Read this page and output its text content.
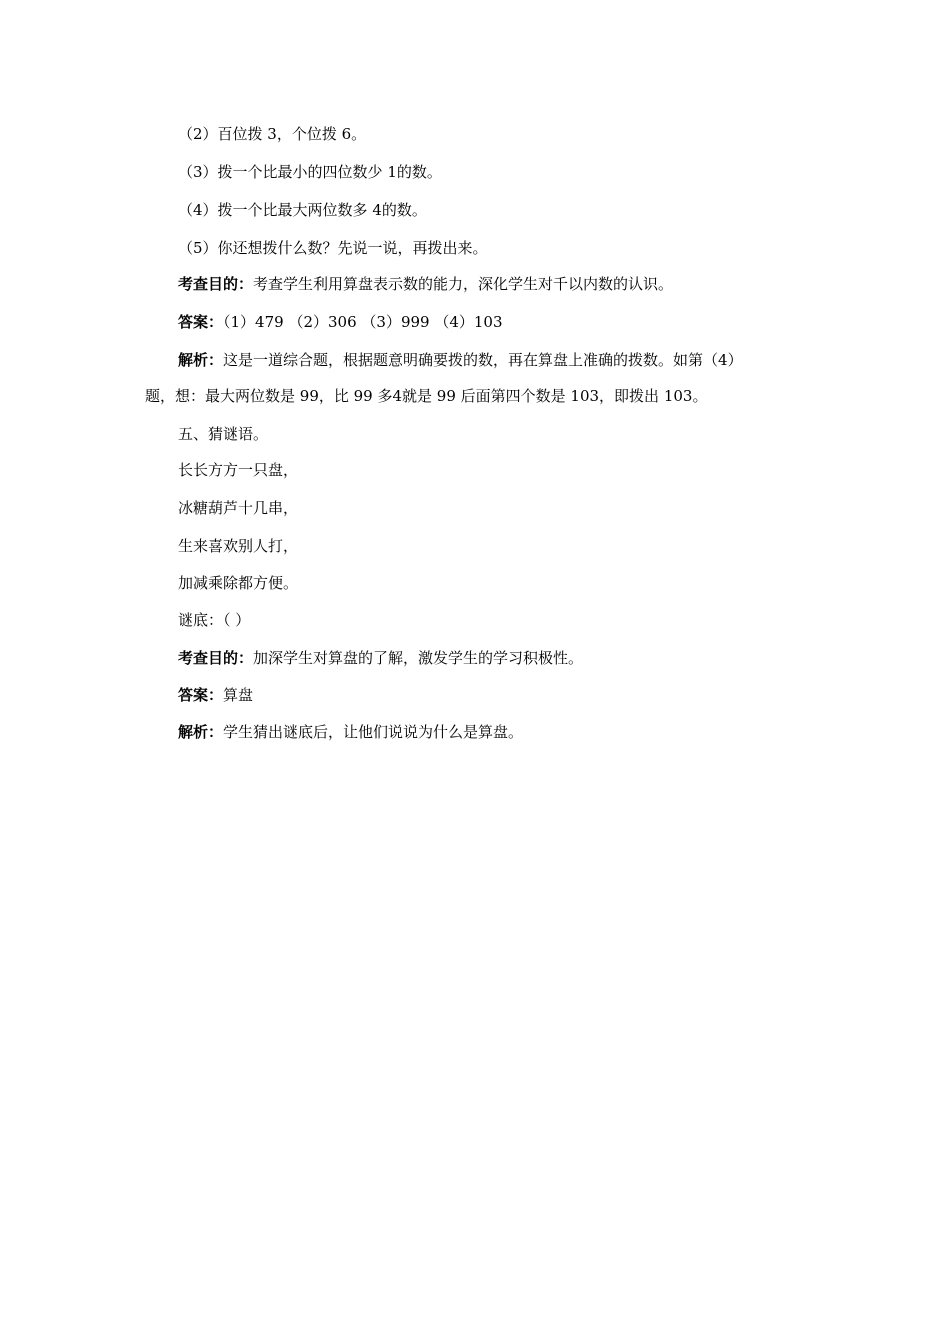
（2）百位拨 3，个位拨 6。
（3）拨一个比最小的四位数少 1的数。
（4）拨一个比最大两位数多 4的数。
（5）你还想拨什么数？先说一说，再拨出来。
考查目的：考查学生利用算盘表示数的能力，深化学生对千以内数的认识。
答案：（1）479 （2）306 （3）999 （4）103
解析：这是一道综合题，根据题意明确要拨的数，再在算盘上准确的拨数。如第（4）
题，想：最大两位数是 99，比 99 多4就是 99 后面第四个数是 103，即拨出 103。
五、猜谜语。
长长方方一只盘，
冰糖葫芦十几串，
生来喜欢别人打，
加减乘除都方便。
谜底：（ ）
考查目的：加深学生对算盘的了解，激发学生的学习积极性。
答案：算盘
解析：学生猜出谜底后，让他们说说为什么是算盘。
